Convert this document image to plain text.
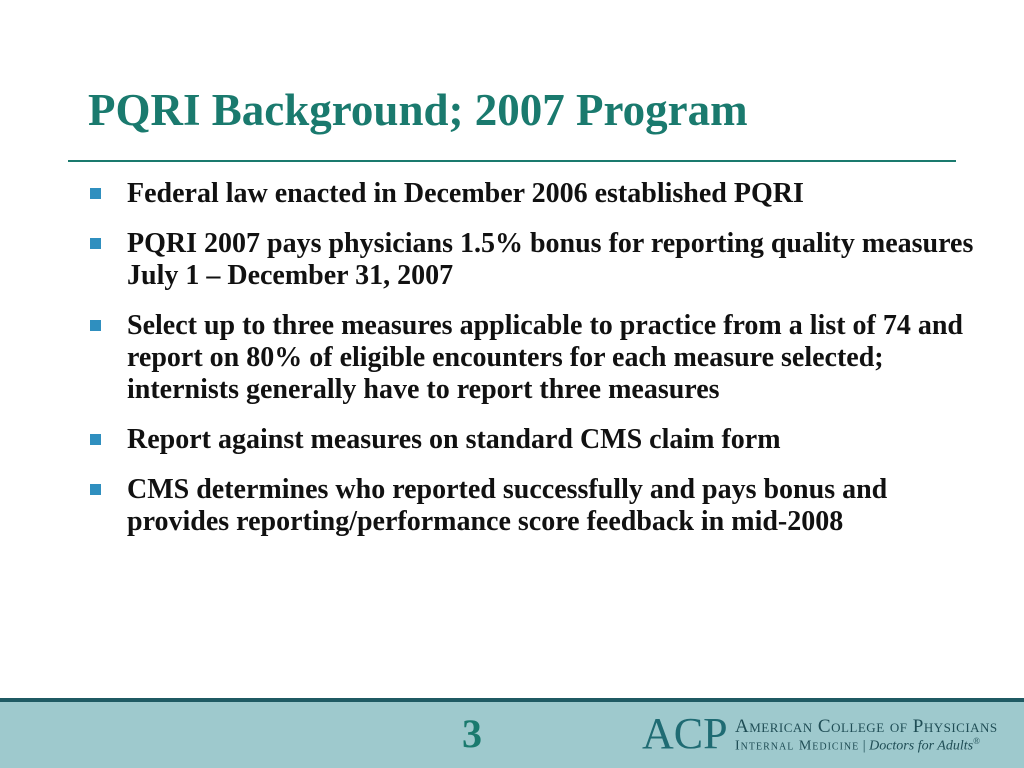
PQRI Background; 2007 Program
Federal law enacted in December 2006 established PQRI
PQRI 2007 pays physicians 1.5% bonus for reporting quality measures July 1 – December 31, 2007
Select up to three measures applicable to practice from a list of 74 and report on 80% of eligible encounters for each measure selected; internists generally have to report three measures
Report against measures on standard CMS claim form
CMS determines who reported successfully and pays bonus and provides reporting/performance score feedback in mid-2008
3	ACP American College of Physicians
Internal Medicine | Doctors for Adults®
